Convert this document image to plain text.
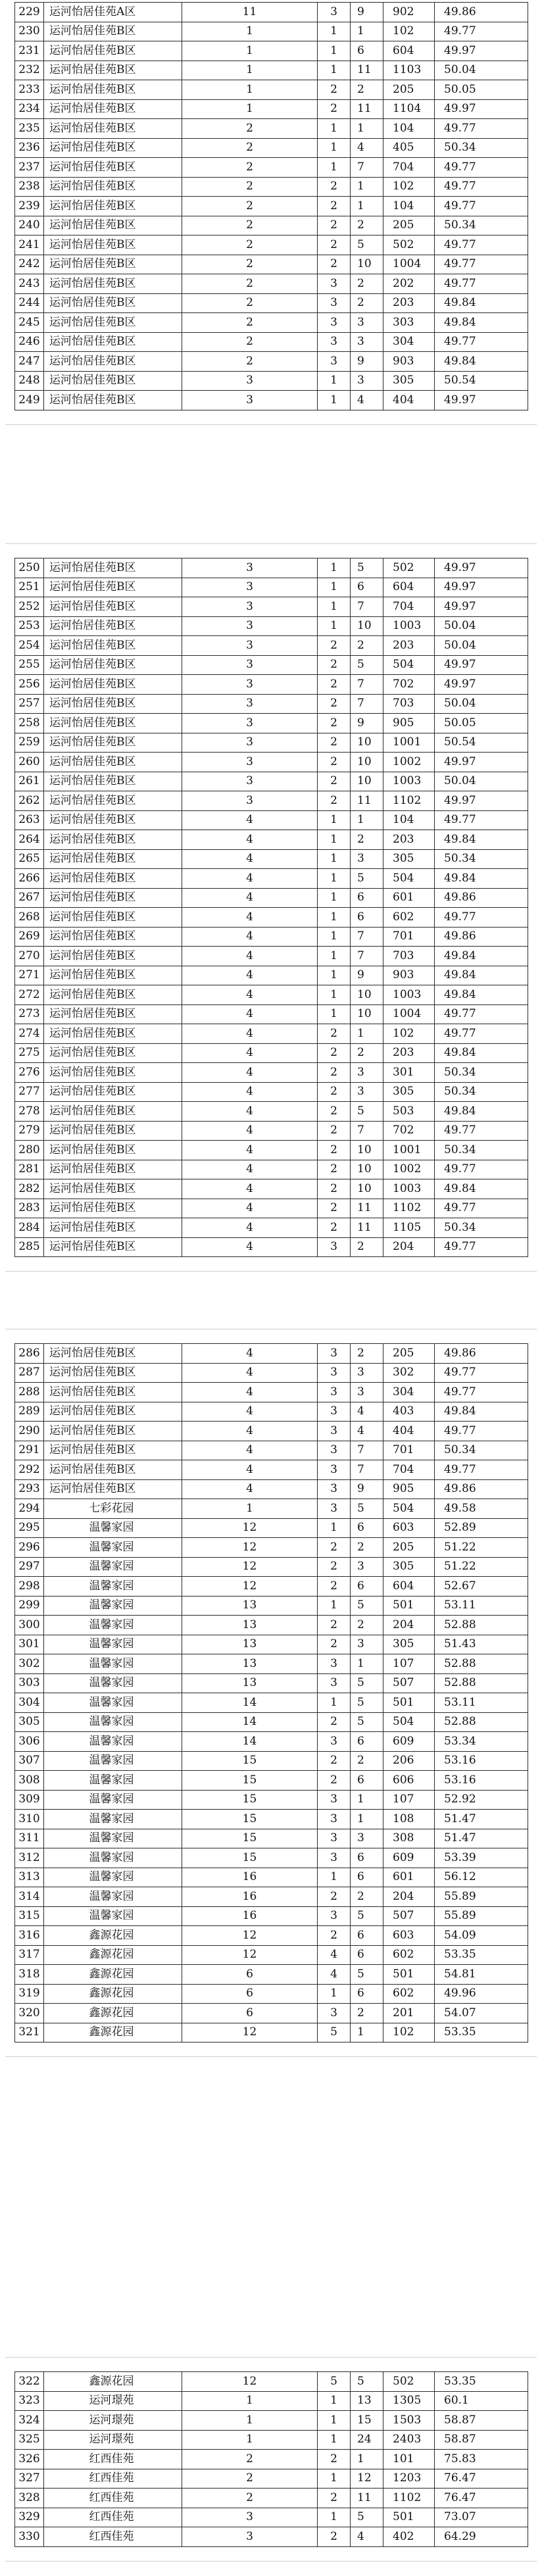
229	运河怡居佳苑A区	11	3	9	902	49.86
230	运河怡居佳苑B区	1	1	1	102	49.77
231	运河怡居佳苑B区	1	1	6	604	49.97
232	运河怡居佳苑B区	1	1	11	1103	50.04
233	运河怡居佳苑B区	1	2	2	205	50.05
234	运河怡居佳苑B区	1	2	11	1104	49.97
235	运河怡居佳苑B区	2	1	1	104	49.77
236	运河怡居佳苑B区	2	1	4	405	50.34
237	运河怡居佳苑B区	2	1	7	704	49.77
238	运河怡居佳苑B区	2	2	1	102	49.77
239	运河怡居佳苑B区	2	2	1	104	49.77
240	运河怡居佳苑B区	2	2	2	205	50.34
241	运河怡居佳苑B区	2	2	5	502	49.77
242	运河怡居佳苑B区	2	2	10	1004	49.77
243	运河怡居佳苑B区	2	3	2	202	49.77
244	运河怡居佳苑B区	2	3	2	203	49.84
245	运河怡居佳苑B区	2	3	3	303	49.84
246	运河怡居佳苑B区	2	3	3	304	49.77
247	运河怡居佳苑B区	2	3	9	903	49.84
248	运河怡居佳苑B区	3	1	3	305	50.54
249	运河怡居佳苑B区	3	1	4	404	49.97
250	运河怡居佳苑B区	3	1	5	502	49.97
251	运河怡居佳苑B区	3	1	6	604	49.97
252	运河怡居佳苑B区	3	1	7	704	49.97
253	运河怡居佳苑B区	3	1	10	1003	50.04
254	运河怡居佳苑B区	3	2	2	203	50.04
255	运河怡居佳苑B区	3	2	5	504	49.97
256	运河怡居佳苑B区	3	2	7	702	49.97
257	运河怡居佳苑B区	3	2	7	703	50.04
258	运河怡居佳苑B区	3	2	9	905	50.05
259	运河怡居佳苑B区	3	2	10	1001	50.54
260	运河怡居佳苑B区	3	2	10	1002	49.97
261	运河怡居佳苑B区	3	2	10	1003	50.04
262	运河怡居佳苑B区	3	2	11	1102	49.97
263	运河怡居佳苑B区	4	1	1	104	49.77
264	运河怡居佳苑B区	4	1	2	203	49.84
265	运河怡居佳苑B区	4	1	3	305	50.34
266	运河怡居佳苑B区	4	1	5	504	49.84
267	运河怡居佳苑B区	4	1	6	601	49.86
268	运河怡居佳苑B区	4	1	6	602	49.77
269	运河怡居佳苑B区	4	1	7	701	49.86
270	运河怡居佳苑B区	4	1	7	703	49.84
271	运河怡居佳苑B区	4	1	9	903	49.84
272	运河怡居佳苑B区	4	1	10	1003	49.84
273	运河怡居佳苑B区	4	1	10	1004	49.77
274	运河怡居佳苑B区	4	2	1	102	49.77
275	运河怡居佳苑B区	4	2	2	203	49.84
276	运河怡居佳苑B区	4	2	3	301	50.34
277	运河怡居佳苑B区	4	2	3	305	50.34
278	运河怡居佳苑B区	4	2	5	503	49.84
279	运河怡居佳苑B区	4	2	7	702	49.77
280	运河怡居佳苑B区	4	2	10	1001	50.34
281	运河怡居佳苑B区	4	2	10	1002	49.77
282	运河怡居佳苑B区	4	2	10	1003	49.84
283	运河怡居佳苑B区	4	2	11	1102	49.77
284	运河怡居佳苑B区	4	2	11	1105	50.34
285	运河怡居佳苑B区	4	3	2	204	49.77
286	运河怡居佳苑B区	4	3	2	205	49.86
287	运河怡居佳苑B区	4	3	3	302	49.77
288	运河怡居佳苑B区	4	3	3	304	49.77
289	运河怡居佳苑B区	4	3	4	403	49.84
290	运河怡居佳苑B区	4	3	4	404	49.77
291	运河怡居佳苑B区	4	3	7	701	50.34
292	运河怡居佳苑B区	4	3	7	704	49.77
293	运河怡居佳苑B区	4	3	9	905	49.86
294	七彩花园	1	3	5	504	49.58
295	温馨家园	12	1	6	603	52.89
296	温馨家园	12	2	2	205	51.22
297	温馨家园	12	2	3	305	51.22
298	温馨家园	12	2	6	604	52.67
299	温馨家园	13	1	5	501	53.11
300	温馨家园	13	2	2	204	52.88
301	温馨家园	13	2	3	305	51.43
302	温馨家园	13	3	1	107	52.88
303	温馨家园	13	3	5	507	52.88
304	温馨家园	14	1	5	501	53.11
305	温馨家园	14	2	5	504	52.88
306	温馨家园	14	3	6	609	53.34
307	温馨家园	15	2	2	206	53.16
308	温馨家园	15	2	6	606	53.16
309	温馨家园	15	3	1	107	52.92
310	温馨家园	15	3	1	108	51.47
311	温馨家园	15	3	3	308	51.47
312	温馨家园	15	3	6	609	53.39
313	温馨家园	16	1	6	601	56.12
314	温馨家园	16	2	2	204	55.89
315	温馨家园	16	3	5	507	55.89
316	鑫源花园	12	2	6	603	54.09
317	鑫源花园	12	4	6	602	53.35
318	鑫源花园	6	4	5	501	54.81
319	鑫源花园	6	1	6	602	49.96
320	鑫源花园	6	3	2	201	54.07
321	鑫源花园	12	5	1	102	53.35
322	鑫源花园	12	5	5	502	53.35
323	运河璟苑	1	1	13	1305	60.1
324	运河璟苑	1	1	15	1503	58.87
325	运河璟苑	1	1	24	2403	58.87
326	红西佳苑	2	2	1	101	75.83
327	红西佳苑	2	1	12	1203	76.47
328	红西佳苑	2	2	11	1102	76.47
329	红西佳苑	3	1	5	501	73.07
330	红西佳苑	3	2	4	402	64.29
